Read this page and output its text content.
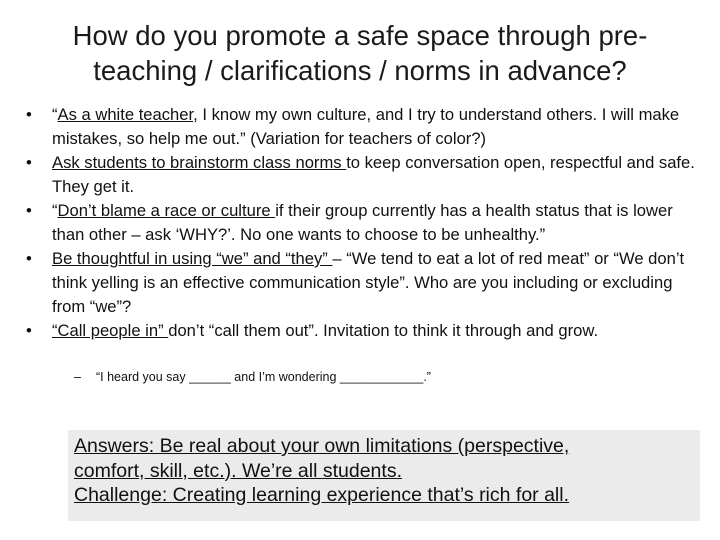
How do you promote a safe space through pre-teaching / clarifications / norms in advance?
• “As a white teacher, I know my own culture, and I try to understand others. I will make mistakes, so help me out.” (Variation for teachers of color?)
• Ask students to brainstorm class norms to keep conversation open, respectful and safe. They get it.
• “Don’t blame a race or culture if their group currently has a health status that is lower than other – ask ‘WHY?’. No one wants to choose to be unhealthy.”
• Be thoughtful in using “we” and “they” – “We tend to eat a lot of red meat” or “We don’t think yelling is an effective communication style”. Who are you including or excluding from “we”?
• “Call people in” don’t “call them out”. Invitation to think it through and grow.
– “I heard you say ______ and I’m wondering ____________.”
Answers: Be real about your own limitations (perspective,
comfort, skill, etc.). We’re all students.
Challenge: Creating learning experience that’s rich for all.
